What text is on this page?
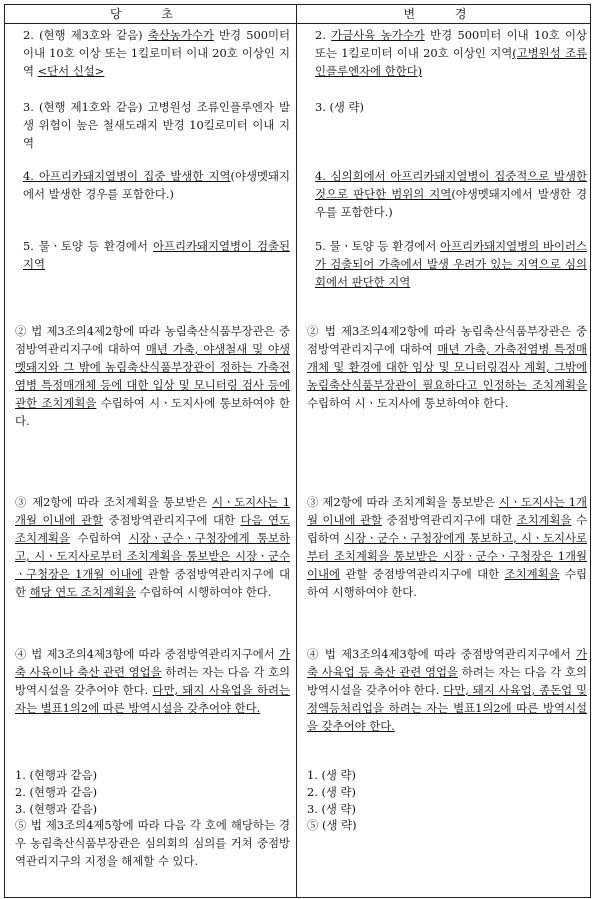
당 초	변 경
2. (현행 제3호와 같음) 축산농가수가 반경 500미터 이내 10호 이상 또는 1킬로미터 이내 20호 이상인 지역 <단서 신설>
3. (현행 제1호와 같음) 고병원성 조류인플루엔자 발생 위험이 높은 철새도래지 반경 10킬로미터 이내 지역
4. 아프리카돼지열병이 집중 발생한 지역(야생멧돼지에서 발생한 경우를 포함한다.)
5. 물ㆍ토양 등 환경에서 아프리카돼지열병이 검출된 지역
② 법 제3조의4제2항에 따라 농림축산식품부장관은 중점방역관리지구에 대하여 매년 가축, 야생철새 및 야생멧돼지와 그 밖에 농림축산식품부장관이 정하는 가축전염병 특정매개체 등에 대한 입상 및 모니터링 검사 등에 관한 조치계획을 수립하여 시ㆍ도지사에 통보하여야 한다.
③ 제2항에 따라 조치계획을 통보받은 시ㆍ도지사는 1개월 이내에 관할 중점방역관리지구에 대한 다음 연도 조치계획을 수립하여 시장ㆍ군수ㆍ구청장에게 통보하고, 시ㆍ도지사로부터 조치계획을 통보받은 시장ㆍ군수ㆍ구청장은 1개월 이내에 관할 중점방역관리지구에 대한 해당 연도 조치계획을 수립하여 시행하여야 한다.
④ 법 제3조의4제3항에 따라 중점방역관리지구에서 가축 사육이나 축산 관련 영업을 하려는 자는 다음 각 호의 방역시설을 갖추어야 한다. 다만, 돼지 사육업을 하려는 자는 별표1의2에 따른 방역시설을 갖추어야 한다.
1. (현행과 같음)
2. (현행과 같음)
3. (현행과 같음)
⑤ 법 제3조의4제5항에 따라 다음 각 호에 해당하는 경우 농림축산식품부장관은 심의회의 심의를 거쳐 중점방역관리지구의 지정을 해제할 수 있다.
2. 가금사육 농가수가 반경 500미터 이내 10호 이상 또는 1킬로미터 이내 20호 이상인 지역(고병원성 조류인플루엔자에 한한다)
3. (생 략)
4. 심의회에서 아프리카돼지열병이 집중적으로 발생한 것으로 판단한 범위의 지역(야생멧돼지에서 발생한 경우를 포함한다.)
5. 물ㆍ토양 등 환경에서 아프리카돼지열병의 바이러스가 검출되어 가축에서 발생 우려가 있는 지역으로 심의회에서 판단한 지역
② 법 제3조의4제2항에 따라 농림축산식품부장관은 중점방역관리지구에 대하여 매년 가축, 가축전염병 특정매개체 및 환경에 대한 임상 및 모니터링검사 계획, 그밖에 농림축산식품부장관이 필요하다고 인정하는 조치계획을 수립하여 시ㆍ도지사에 통보하여야 한다.
③ 제2항에 따라 조치계획을 통보받은 시ㆍ도지사는 1개월 이내에 관할 중점방역관리지구에 대한 조치계획을 수립하여 시장ㆍ군수ㆍ구청장에게 통보하고, 시ㆍ도지사로부터 조치계획을 통보받은 시장ㆍ군수ㆍ구청장은 1개월 이내에 관할 중점방역관리지구에 대한 조치계획을 수립하여 시행하여야 한다.
④ 법 제3조의4제3항에 따라 중점방역관리지구에서 가축 사육업 등 축산 관련 영업을 하려는 자는 다음 각 호의 방역시설을 갖추어야 한다. 다만, 돼지 사육업, 종돈업 및 정액등처리업을 하려는 자는 별표1의2에 따른 방역시설을 갖추어야 한다.
1. (생 략)
2. (생 략)
3. (생 략)
⑤ (생 략)
